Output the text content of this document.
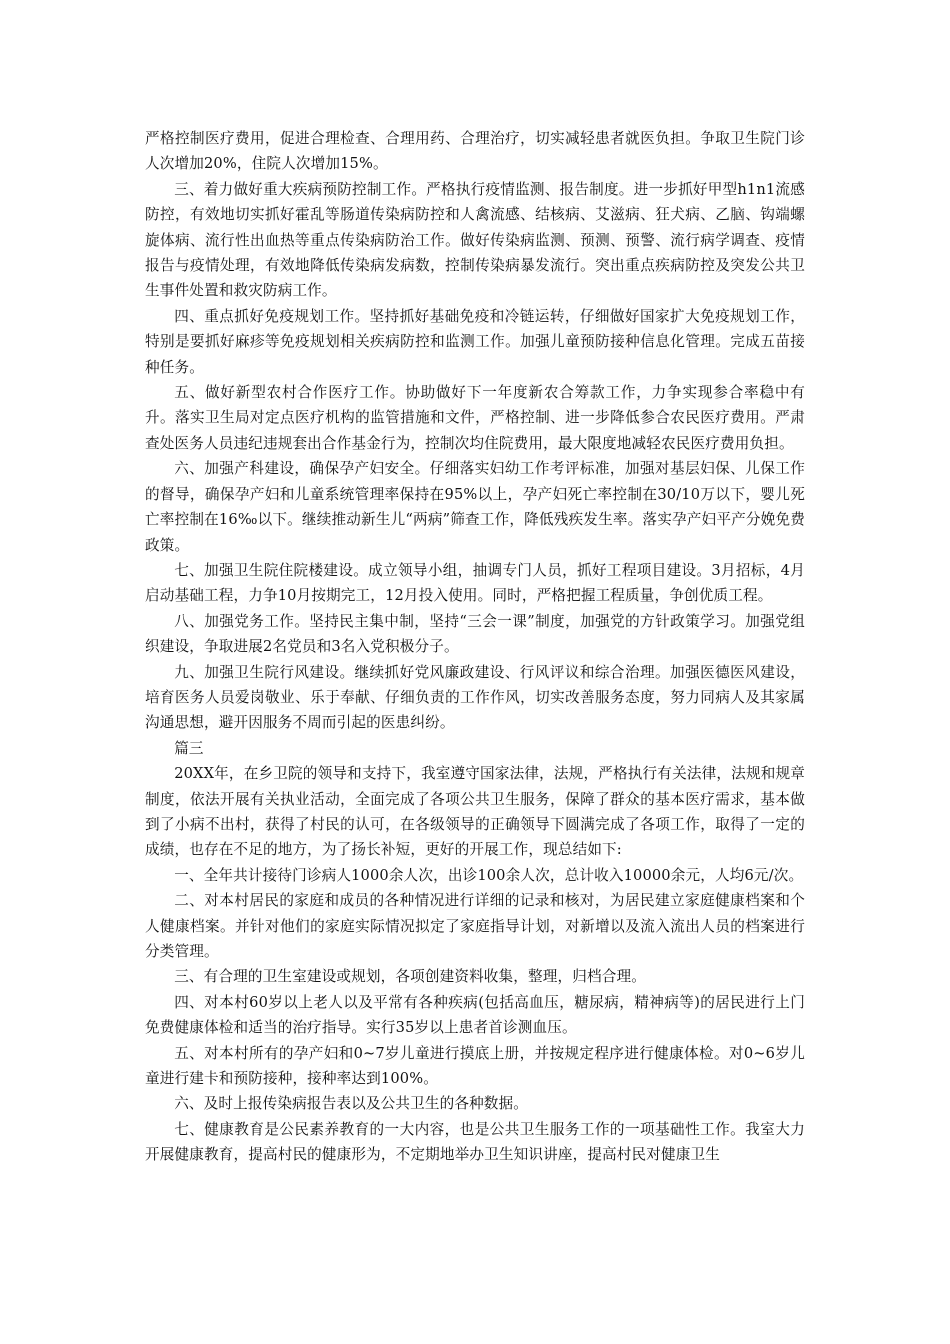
严格控制医疗费用，促进合理检查、合理用药、合理治疗，切实减轻患者就医负担。争取卫生院门诊人次增加20%，住院人次增加15%。

三、着力做好重大疾病预防控制工作。严格执行疫情监测、报告制度。进一步抓好甲型h1n1流感防控，有效地切实抓好霍乱等肠道传染病防控和人禽流感、结核病、艾滋病、狂犬病、乙脑、钩端螺旋体病、流行性出血热等重点传染病防治工作。做好传染病监测、预测、预警、流行病学调查、疫情报告与疫情处理，有效地降低传染病发病数，控制传染病暴发流行。突出重点疾病防控及突发公共卫生事件处置和救灾防病工作。

四、重点抓好免疫规划工作。坚持抓好基础免疫和冷链运转，仔细做好国家扩大免疫规划工作，特别是要抓好麻疹等免疫规划相关疾病防控和监测工作。加强儿童预防接种信息化管理。完成五苗接种任务。

五、做好新型农村合作医疗工作。协助做好下一年度新农合筹款工作，力争实现参合率稳中有升。落实卫生局对定点医疗机构的监管措施和文件，严格控制、进一步降低参合农民医疗费用。严肃查处医务人员违纪违规套出合作基金行为，控制次均住院费用，最大限度地减轻农民医疗费用负担。

六、加强产科建设，确保孕产妇安全。仔细落实妇幼工作考评标准，加强对基层妇保、儿保工作的督导，确保孕产妇和儿童系统管理率保持在95%以上，孕产妇死亡率控制在30/10万以下，婴儿死亡率控制在16‰以下。继续推动新生儿“两病”筛查工作，降低残疾发生率。落实孕产妇平产分娩免费政策。

七、加强卫生院住院楼建设。成立领导小组，抽调专门人员，抓好工程项目建设。3月招标，4月启动基础工程，力争10月按期完工，12月投入使用。同时，严格把握工程质量，争创优质工程。

八、加强党务工作。坚持民主集中制，坚持“三会一课”制度，加强党的方针政策学习。加强党组织建设，争取进展2名党员和3名入党积极分子。

九、加强卫生院行风建设。继续抓好党风廉政建设、行风评议和综合治理。加强医德医风建设，培育医务人员爱岗敬业、乐于奉献、仔细负责的工作作风，切实改善服务态度，努力同病人及其家属沟通思想，避开因服务不周而引起的医患纠纷。

篇三

20XX年，在乡卫院的领导和支持下，我室遵守国家法律，法规，严格执行有关法律，法规和规章制度，依法开展有关执业活动，全面完成了各项公共卫生服务，保障了群众的基本医疗需求，基本做到了小病不出村，获得了村民的认可，在各级领导的正确领导下圆满完成了各项工作，取得了一定的成绩，也存在不足的地方，为了扬长补短，更好的开展工作，现总结如下:

一、全年共计接待门诊病人1000余人次，出诊100余人次，总计收入10000余元，人均6元/次。

二、对本村居民的家庭和成员的各种情况进行详细的记录和核对，为居民建立家庭健康档案和个人健康档案。并针对他们的家庭实际情况拟定了家庭指导计划，对新增以及流入流出人员的档案进行分类管理。

三、有合理的卫生室建设或规划，各项创建资料收集，整理，归档合理。

四、对本村60岁以上老人以及平常有各种疾病(包括高血压，糖尿病，精神病等)的居民进行上门免费健康体检和适当的治疗指导。实行35岁以上患者首诊测血压。

五、对本村所有的孕产妇和0~7岁儿童进行摸底上册，并按规定程序进行健康体检。对0~6岁儿童进行建卡和预防接种，接种率达到100%。

六、及时上报传染病报告表以及公共卫生的各种数据。

七、健康教育是公民素养教育的一大内容，也是公共卫生服务工作的一项基础性工作。我室大力开展健康教育，提高村民的健康形为，不定期地举办卫生知识讲座，提高村民对健康卫生
